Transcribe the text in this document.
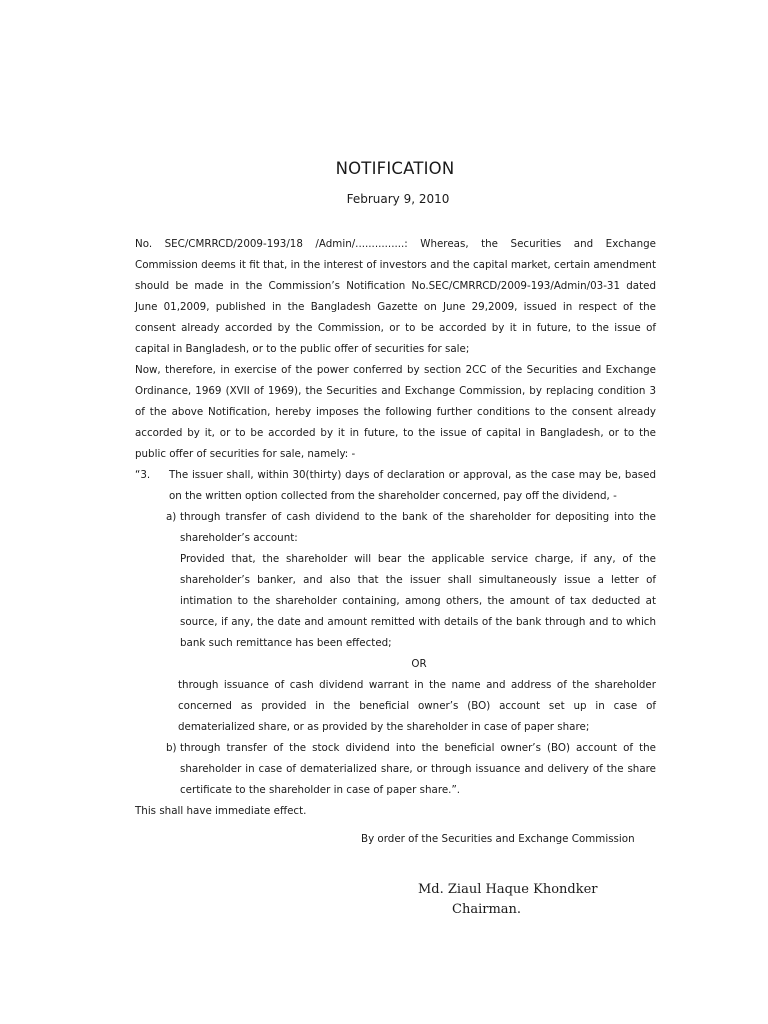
NOTIFICATION
February 9, 2010

No. SEC/CMRRCD/2009-193/18 /Admin/...............: Whereas, the Securities and Exchange Commission deems it fit that, in the interest of investors and the capital market, certain amendment should be made in the Commission’s Notification No.SEC/CMRRCD/2009-193/Admin/03-31 dated June 01,2009, published in the Bangladesh Gazette on June 29,2009, issued in respect of the consent already accorded by the Commission, or to be accorded by it in future, to the issue of capital in Bangladesh, or to the public offer of securities for sale;

Now, therefore, in exercise of the power conferred by section 2CC of the Securities and Exchange Ordinance, 1969 (XVII of 1969), the Securities and Exchange Commission, by replacing condition 3 of the above Notification, hereby imposes the following further conditions to the consent already accorded by it, or to be accorded by it in future, to the issue of capital in Bangladesh, or to the public offer of securities for sale, namely: -

“3. The issuer shall, within 30(thirty) days of declaration or approval, as the case may be, based on the written option collected from the shareholder concerned, pay off the dividend, -
a) through transfer of cash dividend to the bank of the shareholder for depositing into the shareholder’s account:

Provided that, the shareholder will bear the applicable service charge, if any, of the shareholder’s banker, and also that the issuer shall simultaneously issue a letter of intimation to the shareholder containing, among others, the amount of tax deducted at source, if any, the date and amount remitted with details of the bank through and to which bank such remittance has been effected;

OR

through issuance of cash dividend warrant in the name and address of the shareholder concerned as provided in the beneficial owner’s (BO) account set up in case of dematerialized share, or as provided by the shareholder in case of paper share;

b) through transfer of the stock dividend into the beneficial owner’s (BO) account of the shareholder in case of dematerialized share, or through issuance and delivery of the share certificate to the shareholder in case of paper share.”.

This shall have immediate effect.

By order of the Securities and Exchange Commission
Md. Ziaul Haque Khondker
Chairman.
